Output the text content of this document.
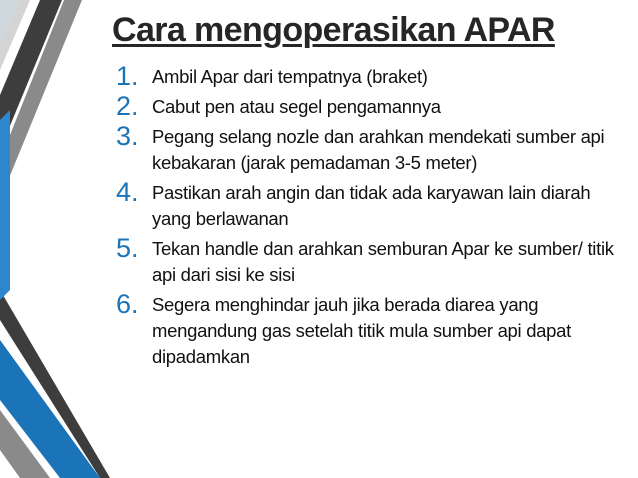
Cara mengoperasikan APAR
1. Ambil Apar dari tempatnya (braket)
2. Cabut pen atau segel pengamannya
3. Pegang selang nozle dan arahkan mendekati sumber api kebakaran (jarak pemadaman 3-5 meter)
4. Pastikan arah angin dan tidak ada karyawan lain diarah yang berlawanan
5. Tekan handle dan arahkan semburan Apar ke sumber/ titik api dari sisi ke sisi
6. Segera menghindar jauh jika berada diarea yang mengandung gas setelah titik mula sumber api dapat dipadamkan
